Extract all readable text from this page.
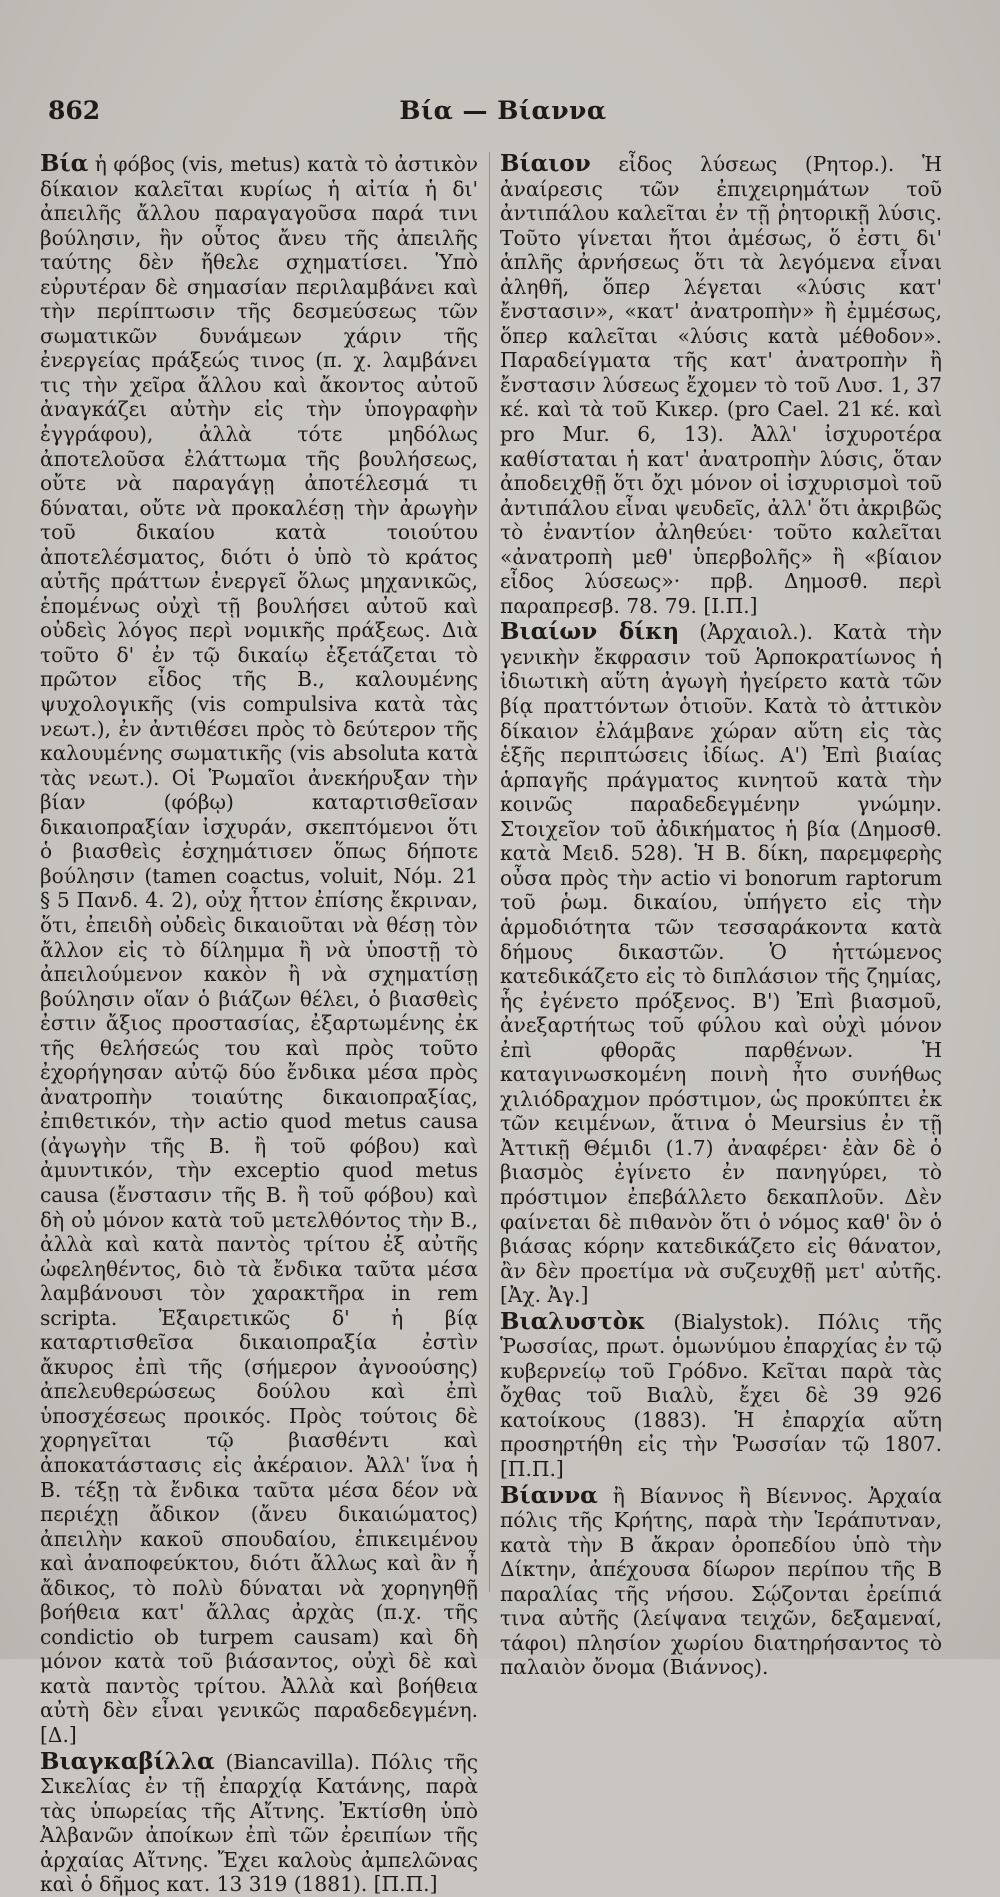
862	Βία — Βίαννα

Βία ἡ φόβος (vis, metus) κατὰ τὸ ἀστικὸν δίκαιον καλεῖται κυρίως ἡ αἰτία ἡ δι' ἀπειλῆς ἄλλου παραγαγοῦσα παρά τινι βούλησιν, ἣν οὗτος ἄνευ τῆς ἀπειλῆς ταύτης δὲν ἤθελε σχηματίσει. Ὑπὸ εὐρυτέραν δὲ σημασίαν περιλαμβάνει καὶ τὴν περίπτωσιν τῆς δεσμεύσεως τῶν σωματικῶν δυνάμεων χάριν τῆς ἐνεργείας πράξεώς τινος (π. χ. λαμβάνει τις τὴν χεῖρα ἄλλου καὶ ἄκοντος αὐτοῦ ἀναγκάζει αὐτὴν εἰς τὴν ὑπογραφὴν ἐγγράφου), ἀλλὰ τότε μηδόλως ἀποτελοῦσα ἐλάττωμα τῆς βουλήσεως, οὔτε νὰ παραγάγῃ ἀποτέλεσμά τι δύναται, οὔτε νὰ προκαλέσῃ τὴν ἀρωγὴν τοῦ δικαίου κατὰ τοιούτου ἀποτελέσματος, διότι ὁ ὑπὸ τὸ κράτος αὐτῆς πράττων ἐνεργεῖ ὅλως μηχανικῶς, ἑπομένως οὐχὶ τῇ βουλήσει αὐτοῦ καὶ οὐδεὶς λόγος περὶ νομικῆς πράξεως. Διὰ τοῦτο δ' ἐν τῷ δικαίῳ ἐξετάζεται τὸ πρῶτον εἶδος τῆς Β., καλουμένης ψυχολογικῆς (vis compulsiva κατὰ τὰς νεωτ.), ἐν ἀντιθέσει πρὸς τὸ δεύτερον τῆς καλουμένης σωματικῆς (vis absoluta κατὰ τὰς νεωτ.). Οἱ Ῥωμαῖοι ἀνεκήρυξαν τὴν βίαν (φόβῳ) καταρτισθεῖσαν δικαιοπραξίαν ἰσχυράν, σκεπτόμενοι ὅτι ὁ βιασθεὶς ἐσχημάτισεν ὅπως δήποτε βούλησιν (tamen coactus, voluit, Νόμ. 21 § 5 Πανδ. 4. 2), οὐχ ἧττον ἐπίσης ἔκριναν, ὅτι, ἐπειδὴ οὐδεὶς δικαιοῦται νὰ θέσῃ τὸν ἄλλον εἰς τὸ δίλημμα ἢ νὰ ὑποστῇ τὸ ἀπειλούμενον κακὸν ἢ νὰ σχηματίσῃ βούλησιν οἵαν ὁ βιάζων θέλει, ὁ βιασθεὶς ἐστιν ἄξιος προστασίας, ἐξαρτωμένης ἐκ τῆς θελήσεώς του καὶ πρὸς τοῦτο ἐχορήγησαν αὐτῷ δύο ἔνδικα μέσα πρὸς ἀνατροπὴν τοιαύτης δικαιοπραξίας, ἐπιθετικόν, τὴν actio quod metus causa (ἀγωγὴν τῆς Β. ἢ τοῦ φόβου) καὶ ἀμυντικόν, τὴν exceptio quod metus causa (ἔνστασιν τῆς Β. ἢ τοῦ φόβου) καὶ δὴ οὐ μόνον κατὰ τοῦ μετελθόντος τὴν Β., ἀλλὰ καὶ κατὰ παντὸς τρίτου ἐξ αὐτῆς ὠφεληθέντος, διὸ τὰ ἔνδικα ταῦτα μέσα λαμβάνουσι τὸν χαρακτῆρα in rem scripta. Ἐξαιρετικῶς δ' ἡ βίᾳ καταρτισθεῖσα δικαιοπραξία ἐστὶν ἄκυρος ἐπὶ τῆς (σήμερον ἀγνοούσης) ἀπελευθερώσεως δούλου καὶ ἐπὶ ὑποσχέσεως προικός. Πρὸς τούτοις δὲ χορηγεῖται τῷ βιασθέντι καὶ ἀποκατάστασις εἰς ἀκέραιον. Ἀλλ' ἵνα ἡ Β. τέξῃ τὰ ἔνδικα ταῦτα μέσα δέον νὰ περιέχῃ ἄδικον (ἄνευ δικαιώματος) ἀπειλὴν κακοῦ σπουδαίου, ἐπικειμένου καὶ ἀναποφεύκτου, διότι ἄλλως καὶ ἂν ἦ ἄδικος, τὸ πολὺ δύναται νὰ χορηγηθῇ βοήθεια κατ' ἄλλας ἀρχὰς (π.χ. τῆς condictio ob turpem causam) καὶ δὴ μόνον κατὰ τοῦ βιάσαντος, οὐχὶ δὲ καὶ κατὰ παντὸς τρίτου. Ἀλλὰ καὶ βοήθεια αὐτὴ δὲν εἶναι γενικῶς παραδεδεγμένη. [Δ.]

Βιαγκαβίλλα (Biancavilla). Πόλις τῆς Σικελίας ἐν τῇ ἐπαρχίᾳ Κατάνης, παρὰ τὰς ὑπωρείας τῆς Αἴτνης. Ἐκτίσθη ὑπὸ Ἀλβανῶν ἀποίκων ἐπὶ τῶν ἐρειπίων τῆς ἀρχαίας Αἴτνης. Ἔχει καλοὺς ἀμπελῶνας καὶ ὁ δῆμος κατ. 13 319 (1881). [Π.Π.]

Βίαιον εἶδος λύσεως (Ρητορ.). Ἡ ἀναίρεσις τῶν ἐπιχειρημάτων τοῦ ἀντιπάλου καλεῖται ἐν τῇ ῥητορικῇ λύσις. Τοῦτο γίνεται ἤτοι ἀμέσως, ὅ ἐστι δι' ἁπλῆς ἀρνήσεως ὅτι τὰ λεγόμενα εἶναι ἀληθῆ, ὅπερ λέγεται «λύσις κατ' ἔνστασιν», «κατ' ἀνατροπὴν» ἢ ἐμμέσως, ὅπερ καλεῖται «λύσις κατὰ μέθοδον». Παραδείγματα τῆς κατ' ἀνατροπὴν ἢ ἔνστασιν λύσεως ἔχομεν τὸ τοῦ Λυσ. 1, 37 κέ. καὶ τὰ τοῦ Κικερ. (pro Cael. 21 κέ. καὶ pro Mur. 6, 13). Ἀλλ' ἰσχυροτέρα καθίσταται ἡ κατ' ἀνατροπὴν λύσις, ὅταν ἀποδειχθῇ ὅτι ὄχι μόνον οἱ ἰσχυρισμοὶ τοῦ ἀντιπάλου εἶναι ψευδεῖς, ἀλλ' ὅτι ἀκριβῶς τὸ ἐναντίον ἀληθεύει· τοῦτο καλεῖται «ἀνατροπὴ μεθ' ὑπερβολῆς» ἢ «βίαιον εἶδος λύσεως»· πρβ. Δημοσθ. περὶ παραπρεσβ. 78. 79. [Ι.Π.]

Βιαίων δίκη (Ἀρχαιολ.). Κατὰ τὴν γενικὴν ἔκφρασιν τοῦ Ἁρποκρατίωνος ἡ ἰδιωτικὴ αὕτη ἀγωγὴ ἠγείρετο κατὰ τῶν βίᾳ πραττόντων ὁτιοῦν. Κατὰ τὸ ἀττικὸν δίκαιον ἐλάμβανε χώραν αὕτη εἰς τὰς ἑξῆς περιπτώσεις ἰδίως. Α') Ἐπὶ βιαίας ἁρπαγῆς πράγματος κινητοῦ κατὰ τὴν κοινῶς παραδεδεγμένην γνώμην. Στοιχεῖον τοῦ ἀδικήματος ἡ βία (Δημοσθ. κατὰ Μειδ. 528). Ἡ Β. δίκη, παρεμφερὴς οὖσα πρὸς τὴν actio vi bonorum raptorum τοῦ ῥωμ. δικαίου, ὑπήγετο εἰς τὴν ἁρμοδιότητα τῶν τεσσαράκοντα κατὰ δήμους δικαστῶν. Ὁ ἡττώμενος κατεδικάζετο εἰς τὸ διπλάσιον τῆς ζημίας, ἧς ἐγένετο πρόξενος. Β') Ἐπὶ βιασμοῦ, ἀνεξαρτήτως τοῦ φύλου καὶ οὐχὶ μόνον ἐπὶ φθορᾶς παρθένων. Ἡ καταγινωσκομένη ποινὴ ἦτο συνήθως χιλιόδραχμον πρόστιμον, ὡς προκύπτει ἐκ τῶν κειμένων, ἅτινα ὁ Meursius ἐν τῇ Ἀττικῇ Θέμιδι (1.7) ἀναφέρει· ἐὰν δὲ ὁ βιασμὸς ἐγίνετο ἐν πανηγύρει, τὸ πρόστιμον ἐπεβάλλετο δεκαπλοῦν. Δὲν φαίνεται δὲ πιθανὸν ὅτι ὁ νόμος καθ' ὃν ὁ βιάσας κόρην κατεδικάζετο εἰς θάνατον, ἂν δὲν προετίμα νὰ συζευχθῇ μετ' αὐτῆς. [Ἀχ. Ἀγ.]

Βιαλυστὸκ (Bialystok). Πόλις τῆς Ῥωσσίας, πρωτ. ὁμωνύμου ἐπαρχίας ἐν τῷ κυβερνείῳ τοῦ Γρόδνο. Κεῖται παρὰ τὰς ὄχθας τοῦ Βιαλὺ, ἔχει δὲ 39 926 κατοίκους (1883). Ἡ ἐπαρχία αὕτη προσηρτήθη εἰς τὴν Ῥωσσίαν τῷ 1807. [Π.Π.]

Βίαννα ἢ Βίαννος ἢ Βίεννος. Ἀρχαία πόλις τῆς Κρήτης, παρὰ τὴν Ἱεράπυτναν, κατὰ τὴν Β ἄκραν ὀροπεδίου ὑπὸ τὴν Δίκτην, ἀπέχουσα δίωρον περίπου τῆς Β παραλίας τῆς νήσου. Σῴζονται ἐρείπιά τινα αὐτῆς (λείψανα τειχῶν, δεξαμεναί, τάφοι) πλησίον χωρίου διατηρήσαντος τὸ παλαιὸν ὄνομα (Βιάννος).
